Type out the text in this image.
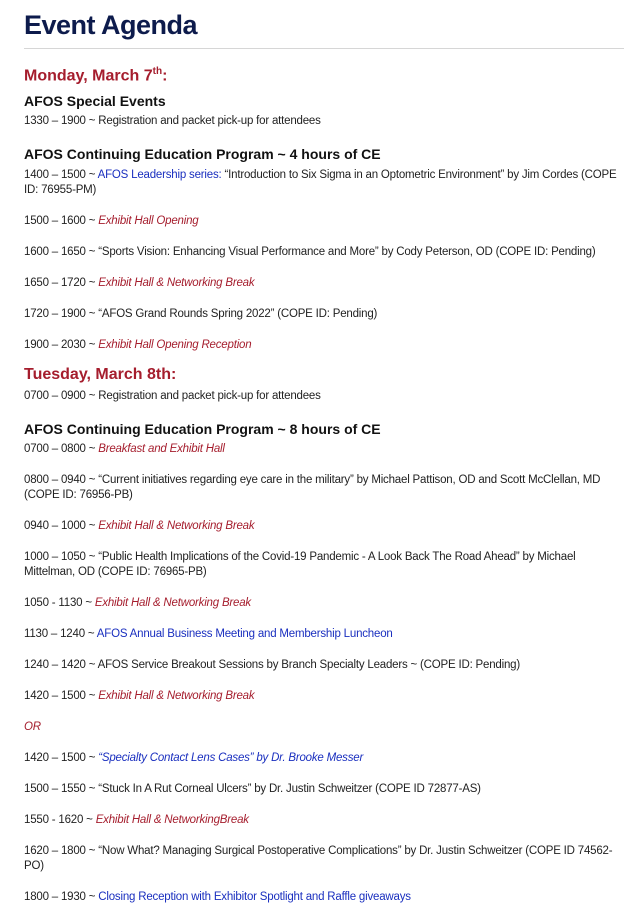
Event Agenda
Monday, March 7th:
AFOS Special Events

1330 – 1900 ~ Registration and packet pick-up for attendees

AFOS Continuing Education Program ~ 4 hours of CE

1400 – 1500 ~ AFOS Leadership series: “Introduction to Six Sigma in an Optometric Environment” by Jim Cordes (COPE ID: 76955-PM)

1500 – 1600 ~ Exhibit Hall Opening

1600 – 1650 ~ “Sports Vision: Enhancing Visual Performance and More” by Cody Peterson, OD (COPE ID: Pending)

1650 – 1720 ~ Exhibit Hall & Networking Break

1720 – 1900 ~ “AFOS Grand Rounds Spring 2022” (COPE ID: Pending)

1900 – 2030 ~ Exhibit Hall Opening Reception

Tuesday, March 8th:

0700 – 0900 ~ Registration and packet pick-up for attendees

AFOS Continuing Education Program ~ 8 hours of CE

0700 – 0800 ~ Breakfast and Exhibit Hall

0800 – 0940 ~ “Current initiatives regarding eye care in the military” by Michael Pattison, OD and Scott McClellan, MD (COPE ID: 76956-PB)

0940 – 1000 ~ Exhibit Hall & Networking Break

1000 – 1050 ~ “Public Health Implications of the Covid-19 Pandemic - A Look Back The Road Ahead” by Michael Mittelman, OD (COPE ID: 76965-PB)

1050 - 1130 ~ Exhibit Hall & Networking Break

1130 – 1240 ~ AFOS Annual Business Meeting and Membership Luncheon

1240 – 1420 ~ AFOS Service Breakout Sessions by Branch Specialty Leaders ~ (COPE ID: Pending)

1420 – 1500 ~ Exhibit Hall & Networking Break

OR

1420 – 1500 ~ “Specialty Contact Lens Cases” by Dr. Brooke Messer

1500 – 1550 ~ “Stuck In A Rut Corneal Ulcers” by Dr. Justin Schweitzer (COPE ID 72877-AS)

1550 - 1620 ~ Exhibit Hall & NetworkingBreak

1620 – 1800 ~ “Now What? Managing Surgical Postoperative Complications” by Dr. Justin Schweitzer (COPE ID 74562-PO)

1800 – 1930 ~ Closing Reception with Exhibitor Spotlight and Raffle giveaways
